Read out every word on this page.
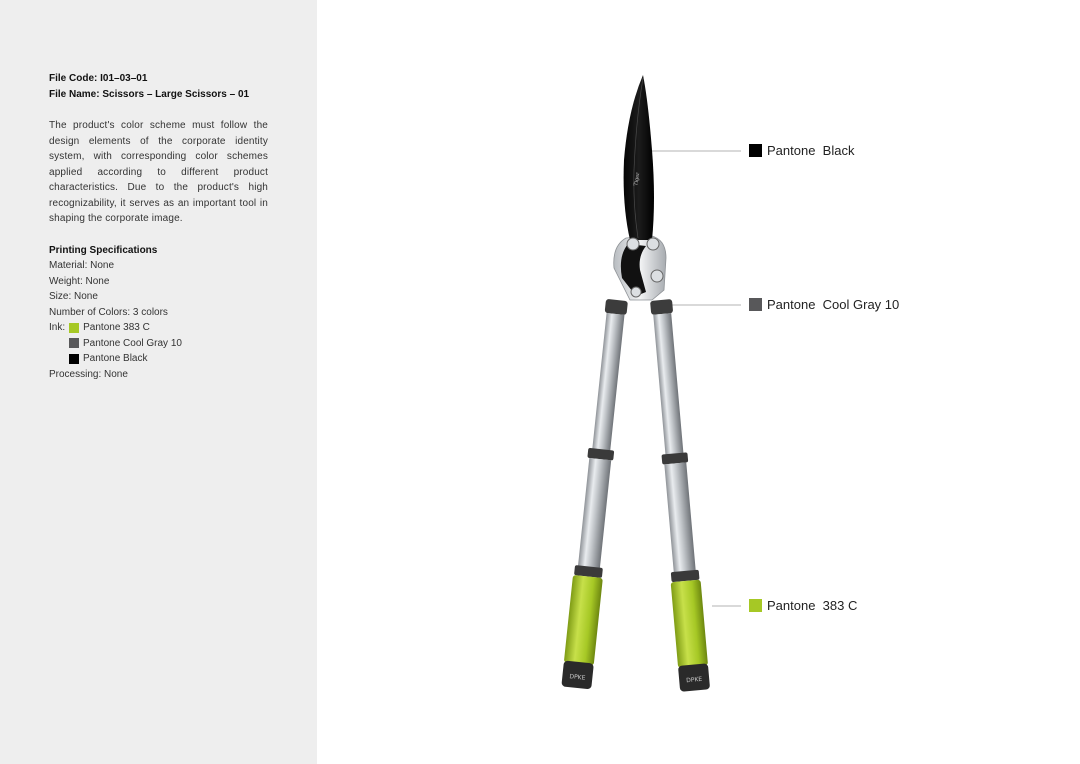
File Code: I01–03–01
File Name: Scissors – Large Scissors – 01
The product's color scheme must follow the design elements of the corporate identity system, with corresponding color schemes applied according to different product characteristics. Due to the product's high recognizability, it serves as an important tool in shaping the corporate image.
Printing Specifications
Material: None
Weight: None
Size: None
Number of Colors: 3 colors
Ink: Pantone 383 C
Pantone Cool Gray 10
Pantone Black
Processing: None
DPKE	DPKE
Tiger
Pantone  Black
Pantone  Cool Gray 10
Pantone  383 C
